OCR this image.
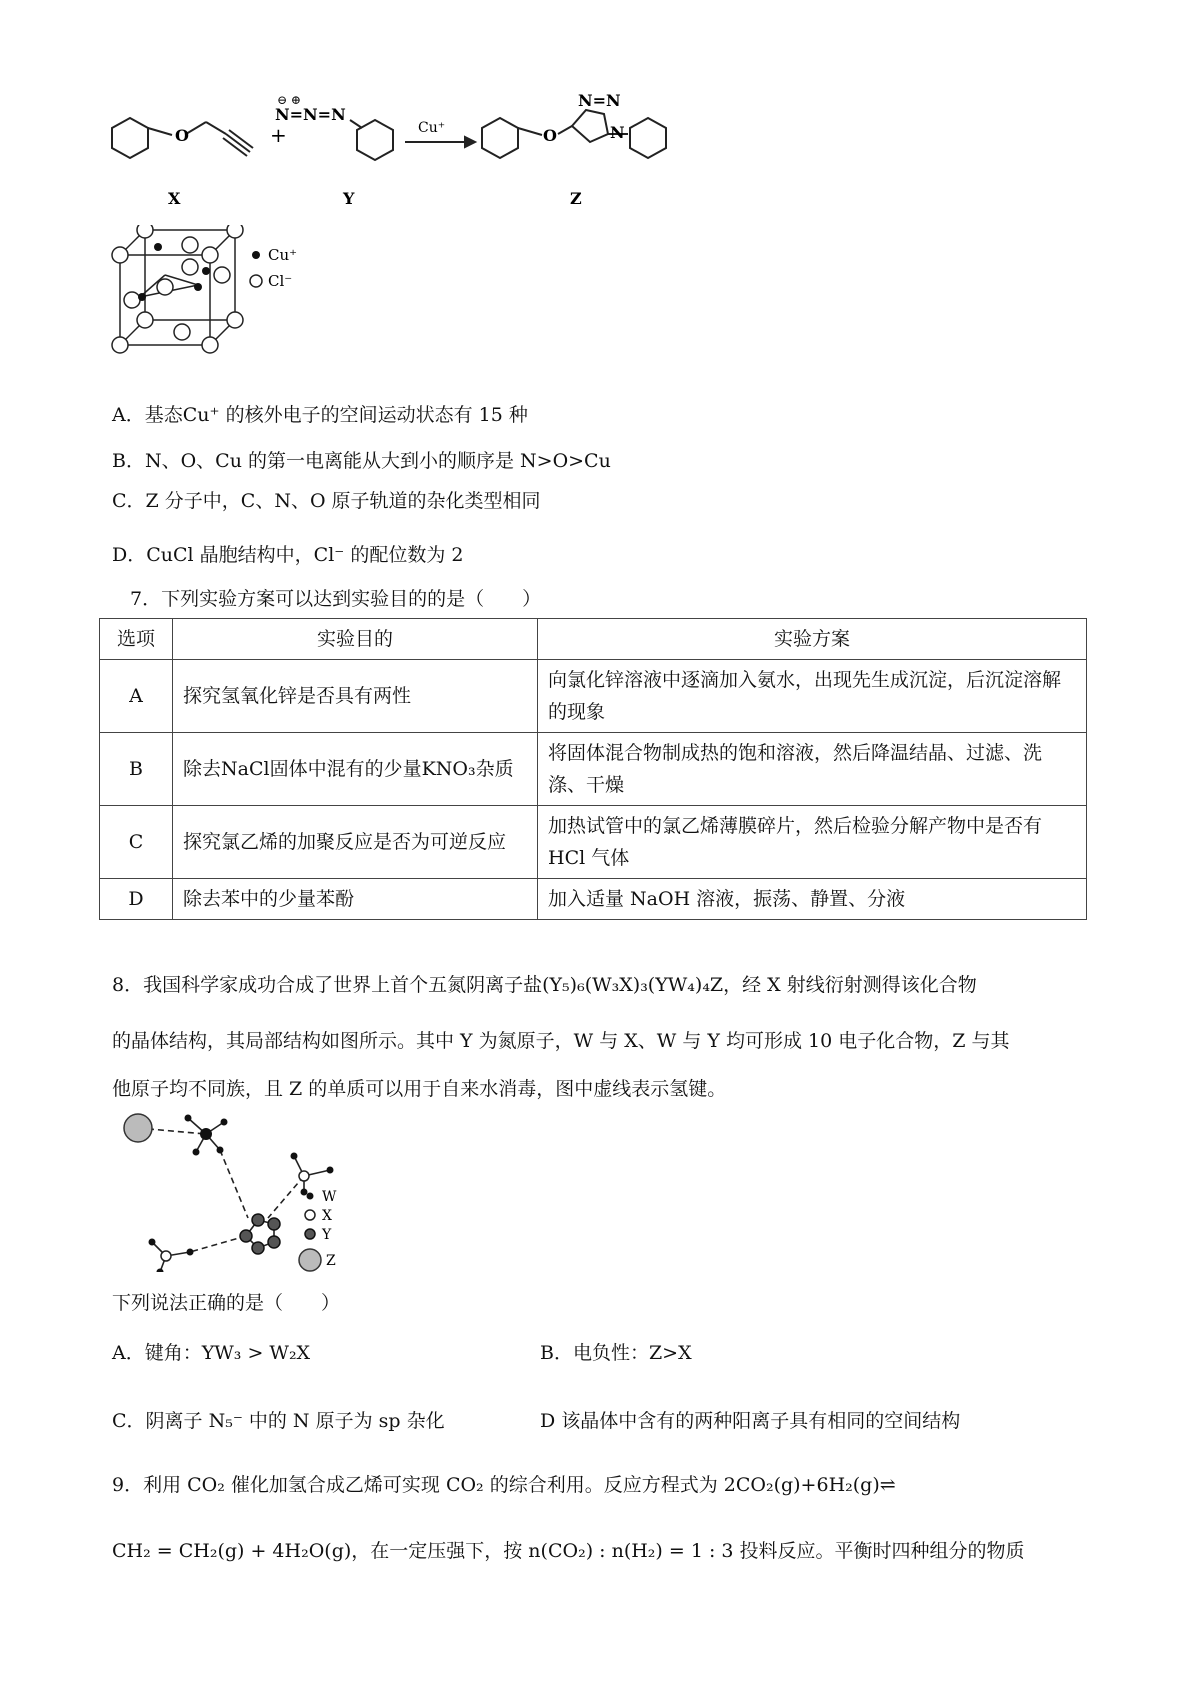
O	O
+
⊖ ⊕
N=N=N
Cu⁺
N=N
N
X	Y	Z
Cu⁺
Cl⁻
A．基态Cu⁺ 的核外电子的空间运动状态有 15 种
B．N、O、Cu 的第一电离能从大到小的顺序是 N>O>Cu
C．Z 分子中，C、N、O 原子轨道的杂化类型相同
D．CuCl 晶胞结构中，Cl⁻ 的配位数为 2
7．下列实验方案可以达到实验目的的是（　　）
选项	实验目的	实验方案
A	探究氢氧化锌是否具有两性	向氯化锌溶液中逐滴加入氨水，出现先生成沉淀，后沉淀溶解的现象
B	除去NaCl固体中混有的少量KNO₃杂质	将固体混合物制成热的饱和溶液，然后降温结晶、过滤、洗涤、干燥
C	探究氯乙烯的加聚反应是否为可逆反应	加热试管中的氯乙烯薄膜碎片，然后检验分解产物中是否有 HCl 气体
D	除去苯中的少量苯酚	加入适量 NaOH 溶液，振荡、静置、分液
8．我国科学家成功合成了世界上首个五氮阴离子盐(Y₅)₆(W₃X)₃(YW₄)₄Z，经 X 射线衍射测得该化合物
的晶体结构，其局部结构如图所示。其中 Y 为氮原子，W 与 X、W 与 Y 均可形成 10 电子化合物，Z 与其
他原子均不同族，且 Z 的单质可以用于自来水消毒，图中虚线表示氢键。
W
X
Y
Z
下列说法正确的是（　　）
A．键角：YW₃ > W₂X	B．电负性：Z>X
C．阴离子 N₅⁻ 中的 N 原子为 sp 杂化	D 该晶体中含有的两种阳离子具有相同的空间结构
9．利用 CO₂ 催化加氢合成乙烯可实现 CO₂ 的综合利用。反应方程式为 2CO₂(g)+6H₂(g)⇌
CH₂ = CH₂(g) + 4H₂O(g)，在一定压强下，按 n(CO₂) : n(H₂) = 1 : 3 投料反应。平衡时四种组分的物质
